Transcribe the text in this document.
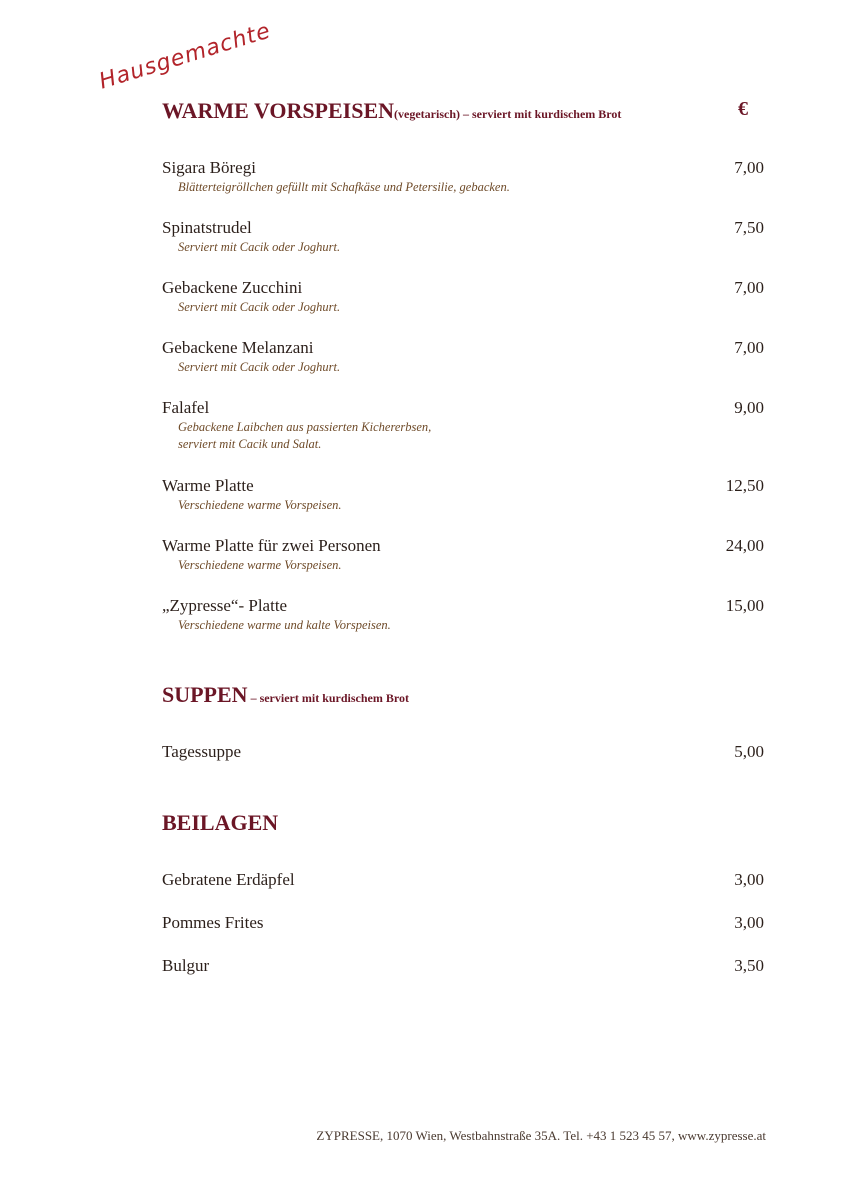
Hausgemachte
WARME VORSPEISEN(vegetarisch) – serviert mit kurdischem Brot	€
Sigara Böregi	7,00
Blätterteigröllchen gefüllt mit Schafkäse und Petersilie, gebacken.
Spinatstrudel	7,50
Serviert mit Cacik oder Joghurt.
Gebackene Zucchini	7,00
Serviert mit Cacik oder Joghurt.
Gebackene Melanzani	7,00
Serviert mit Cacik oder Joghurt.
Falafel	9,00
Gebackene Laibchen aus passierten Kichererbsen,
serviert mit Cacik und Salat.
Warme Platte	12,50
Verschiedene warme Vorspeisen.
Warme Platte für zwei Personen	24,00
Verschiedene warme Vorspeisen.
„Zypresse“- Platte	15,00
Verschiedene warme und kalte Vorspeisen.
SUPPEN – serviert mit kurdischem Brot
Tagessuppe	5,00
BEILAGEN
Gebratene Erdäpfel	3,00
Pommes Frites	3,00
Bulgur	3,50
ZYPRESSE, 1070 Wien, Westbahnstraße 35A. Tel. +43 1 523 45 57, www.zypresse.at
